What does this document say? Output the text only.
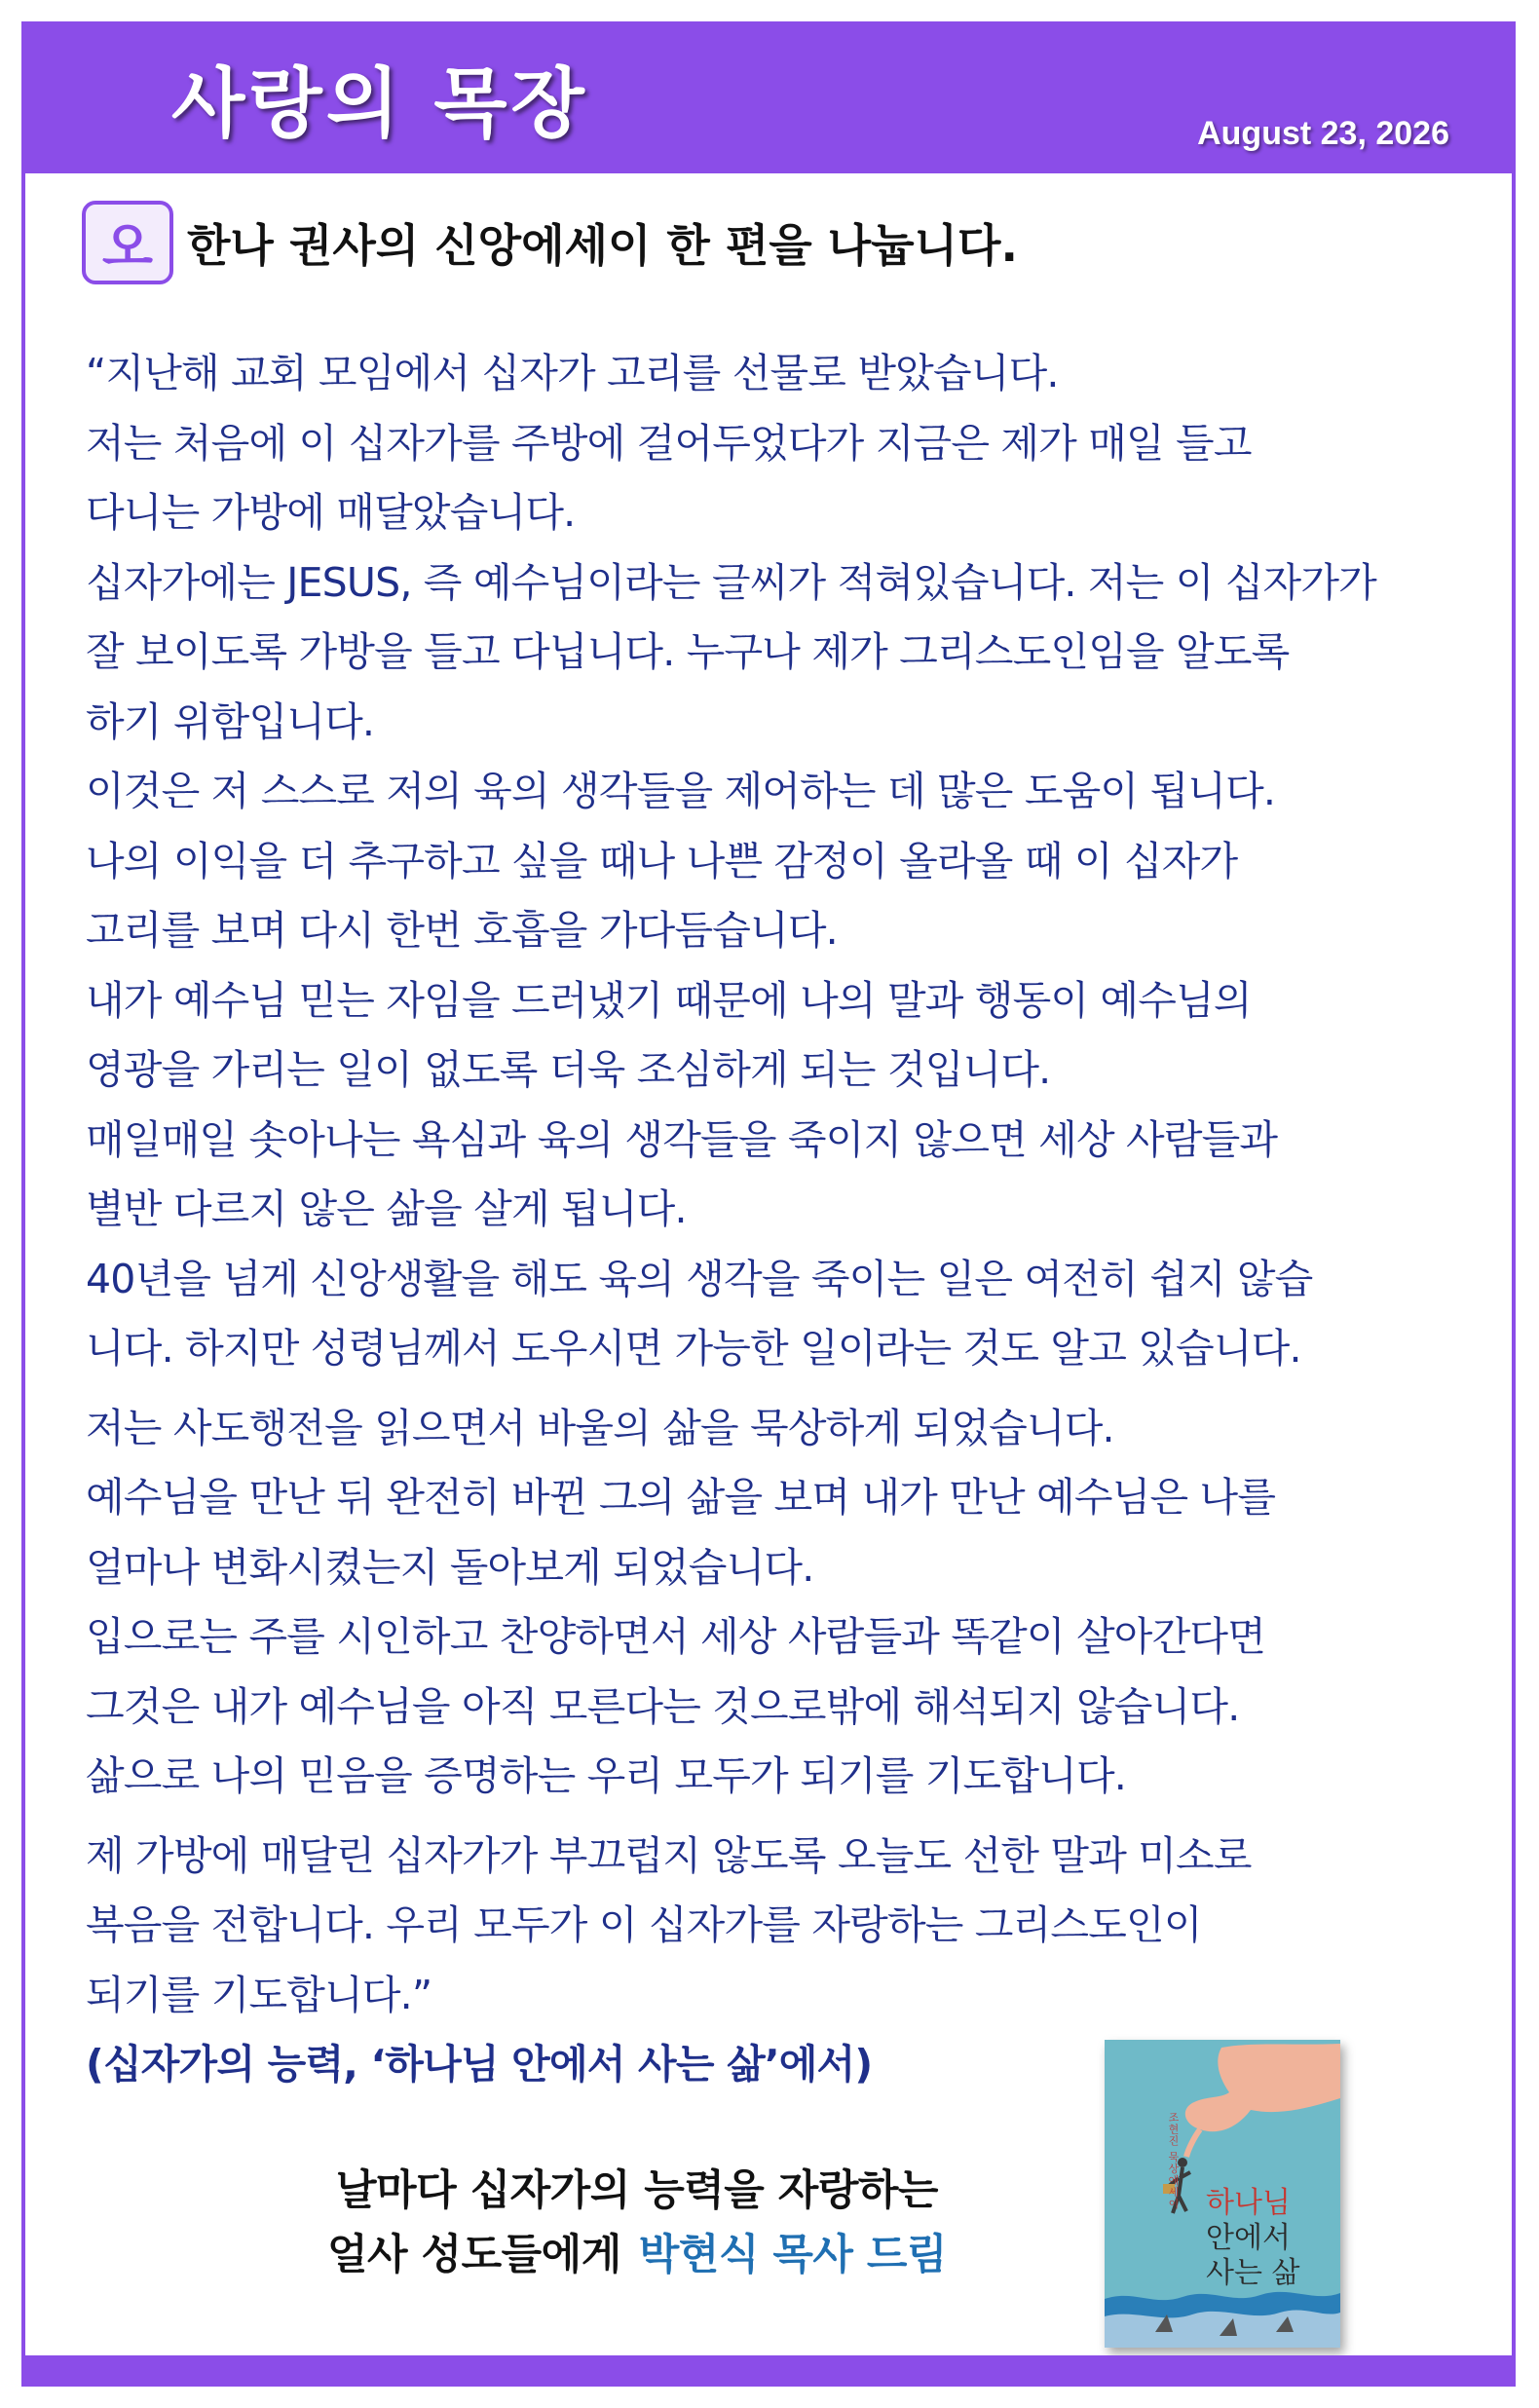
사랑의 목장	August 23, 2026
오 한나 권사의 신앙에세이 한 편을 나눕니다.
“지난해 교회 모임에서 십자가 고리를 선물로 받았습니다.
저는 처음에 이 십자가를 주방에 걸어두었다가 지금은 제가 매일 들고
다니는 가방에 매달았습니다.
십자가에는 JESUS, 즉 예수님이라는 글씨가 적혀있습니다. 저는 이 십자가가
잘 보이도록 가방을 들고 다닙니다. 누구나 제가 그리스도인임을 알도록
하기 위함입니다.
이것은 저 스스로 저의 육의 생각들을 제어하는 데 많은 도움이 됩니다.
나의 이익을 더 추구하고 싶을 때나 나쁜 감정이 올라올 때 이 십자가
고리를 보며 다시 한번 호흡을 가다듬습니다.
내가 예수님 믿는 자임을 드러냈기 때문에 나의 말과 행동이 예수님의
영광을 가리는 일이 없도록 더욱 조심하게 되는 것입니다.
매일매일 솟아나는 욕심과 육의 생각들을 죽이지 않으면 세상 사람들과
별반 다르지 않은 삶을 살게 됩니다.
40년을 넘게 신앙생활을 해도 육의 생각을 죽이는 일은 여전히 쉽지 않습
니다. 하지만 성령님께서 도우시면 가능한 일이라는 것도 알고 있습니다.
저는 사도행전을 읽으면서 바울의 삶을 묵상하게 되었습니다.
예수님을 만난 뒤 완전히 바뀐 그의 삶을 보며 내가 만난 예수님은 나를
얼마나 변화시켰는지 돌아보게 되었습니다.
입으로는 주를 시인하고 찬양하면서 세상 사람들과 똑같이 살아간다면
그것은 내가 예수님을 아직 모른다는 것으로밖에 해석되지 않습니다.
삶으로 나의 믿음을 증명하는 우리 모두가 되기를 기도합니다.
제 가방에 매달린 십자가가 부끄럽지 않도록 오늘도 선한 말과 미소로
복음을 전합니다. 우리 모두가 이 십자가를 자랑하는 그리스도인이
되기를 기도합니다.”
(십자가의 능력, ‘하나님 안에서 사는 삶’에서)
날마다 십자가의 능력을 자랑하는
얼사 성도들에게 박현식 목사 드림
조현진 묵상에세이 하나님
안에서
사는 삶
